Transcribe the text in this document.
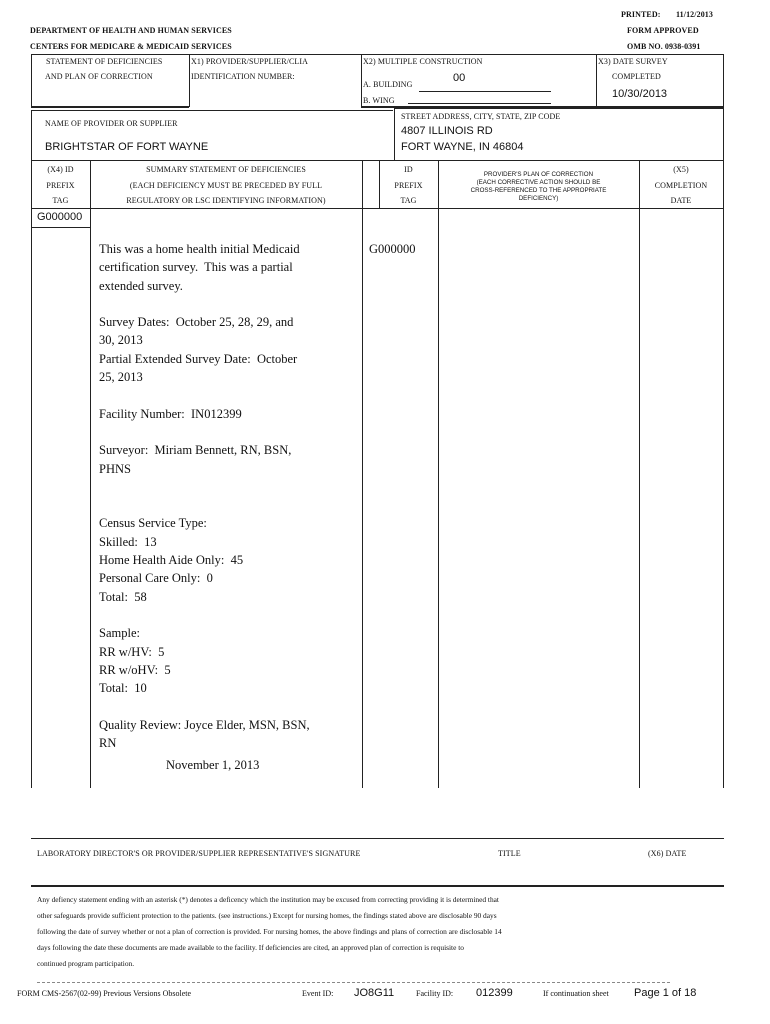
PRINTED: 11/12/2013
DEPARTMENT OF HEALTH AND HUMAN SERVICES	FORM APPROVED
CENTERS FOR MEDICARE & MEDICAID SERVICES	OMB NO. 0938-0391
STATEMENT OF DEFICIENCIES
AND PLAN OF CORRECTION
X1) PROVIDER/SUPPLIER/CLIA
IDENTIFICATION NUMBER:
X2) MULTIPLE CONSTRUCTION
A. BUILDING
00
B. WING
X3) DATE SURVEY
COMPLETED
10/30/2013
NAME OF PROVIDER OR SUPPLIER
BRIGHTSTAR OF FORT WAYNE
STREET ADDRESS, CITY, STATE, ZIP CODE
4807 ILLINOIS RD
FORT WAYNE, IN 46804
(X4) ID
PREFIX
TAG
SUMMARY STATEMENT OF DEFICIENCIES
(EACH DEFICIENCY MUST BE PRECEDED BY FULL
REGULATORY OR LSC IDENTIFYING INFORMATION)
ID
PREFIX
TAG
PROVIDER'S PLAN OF CORRECTION
(EACH CORRECTIVE ACTION SHOULD BE
CROSS-REFERENCED TO THE APPROPRIATE
DEFICIENCY)
(X5)
COMPLETION
DATE
G000000
This was a home health initial Medicaid
certification survey.  This was a partial
extended survey.

Survey Dates:  October 25, 28, 29, and
30, 2013
Partial Extended Survey Date:  October
25, 2013

Facility Number:  IN012399

Surveyor:  Miriam Bennett, RN, BSN,
PHNS

Census Service Type:
Skilled:  13
Home Health Aide Only:  45
Personal Care Only:  0
Total:  58

Sample:
RR w/HV:  5
RR w/oHV:  5
Total:  10

Quality Review: Joyce Elder, MSN, BSN,
RN
November 1, 2013
G000000
LABORATORY DIRECTOR'S OR PROVIDER/SUPPLIER REPRESENTATIVE'S SIGNATURE	TITLE	(X6) DATE
Any defiency statement ending with an asterisk (*) denotes a deficency which the institution may be excused from correcting providing it is determined that
other safeguards provide sufficient protection to the patients. (see instructions.) Except for nursing homes, the findings stated above are disclosable 90 days
following the date of survey whether or not a plan of correction is provided. For nursing homes, the above findings and plans of correction are disclosable 14
days following the date these documents are made available to the facility. If deficiencies are cited, an approved plan of correction is requisite to
continued program participation.
FORM CMS-2567(02-99) Previous Versions Obsolete	Event ID: JO8G11	Facility ID: 012399	If continuation sheet Page 1 of 18
